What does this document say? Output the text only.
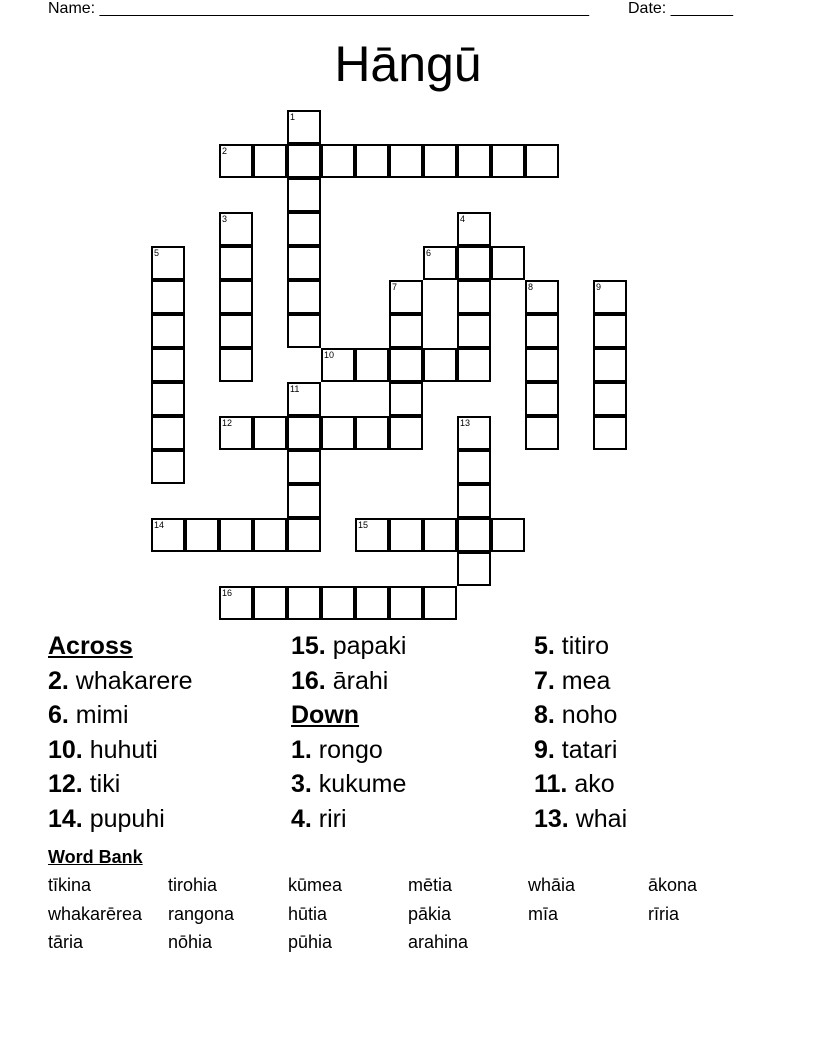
Name: _______________________________________________________ Date: _______
Hāngū
1
2
3	4
5	6
7	8	9
10
11
12	13
14	15
16
Across
2. whakarere
6. mimi
10. huhuti
12. tiki
14. pupuhi
15. papaki
16. ārahi
Down
1. rongo
3. kukume
4. riri
5. titiro
7. mea
8. noho
9. tatari
11. ako
13. whai
Word Bank
tīkina	tirohia	kūmea	mētia	whāia	ākona
whakarērea rangona	hūtia	pākia	mīa	rīria
tāria	nōhia	pūhia	arahina
